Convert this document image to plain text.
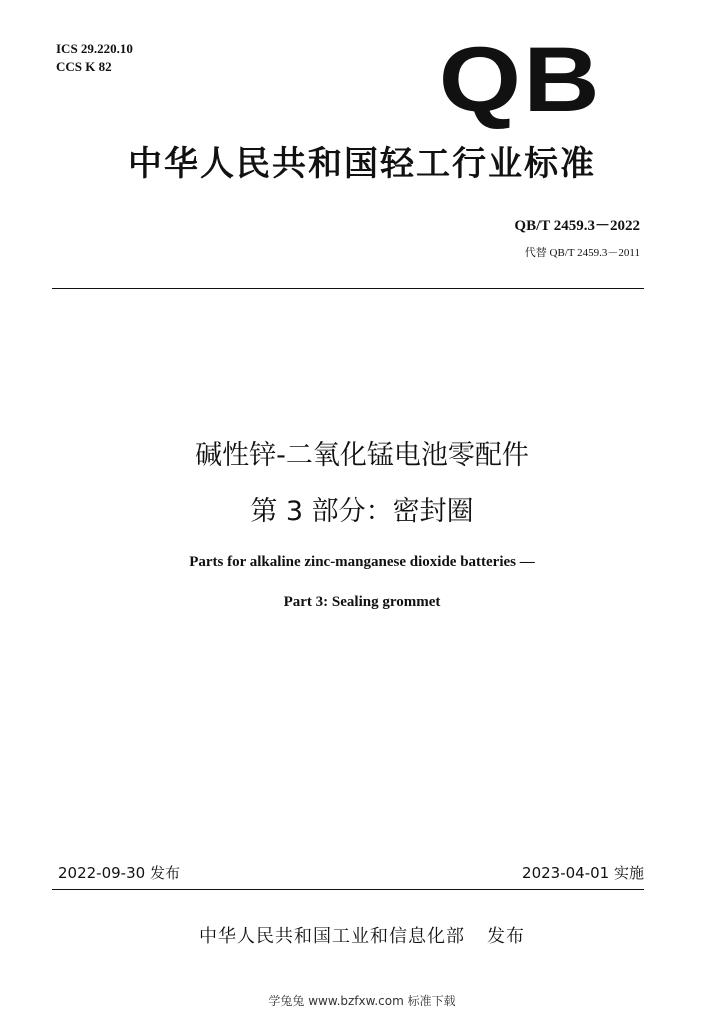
ICS 29.220.10
CCS K 82	QB
中华人民共和国轻工行业标准
QB/T 2459.3－2022
代替 QB/T 2459.3－2011
碱性锌-二氧化锰电池零配件
第 3 部分：密封圈
Parts for alkaline zinc-manganese dioxide batteries —
Part 3: Sealing grommet
2022-09-30 发布	2023-04-01 实施
中华人民共和国工业和信息化部 发布
学兔兔 www.bzfxw.com 标准下载
